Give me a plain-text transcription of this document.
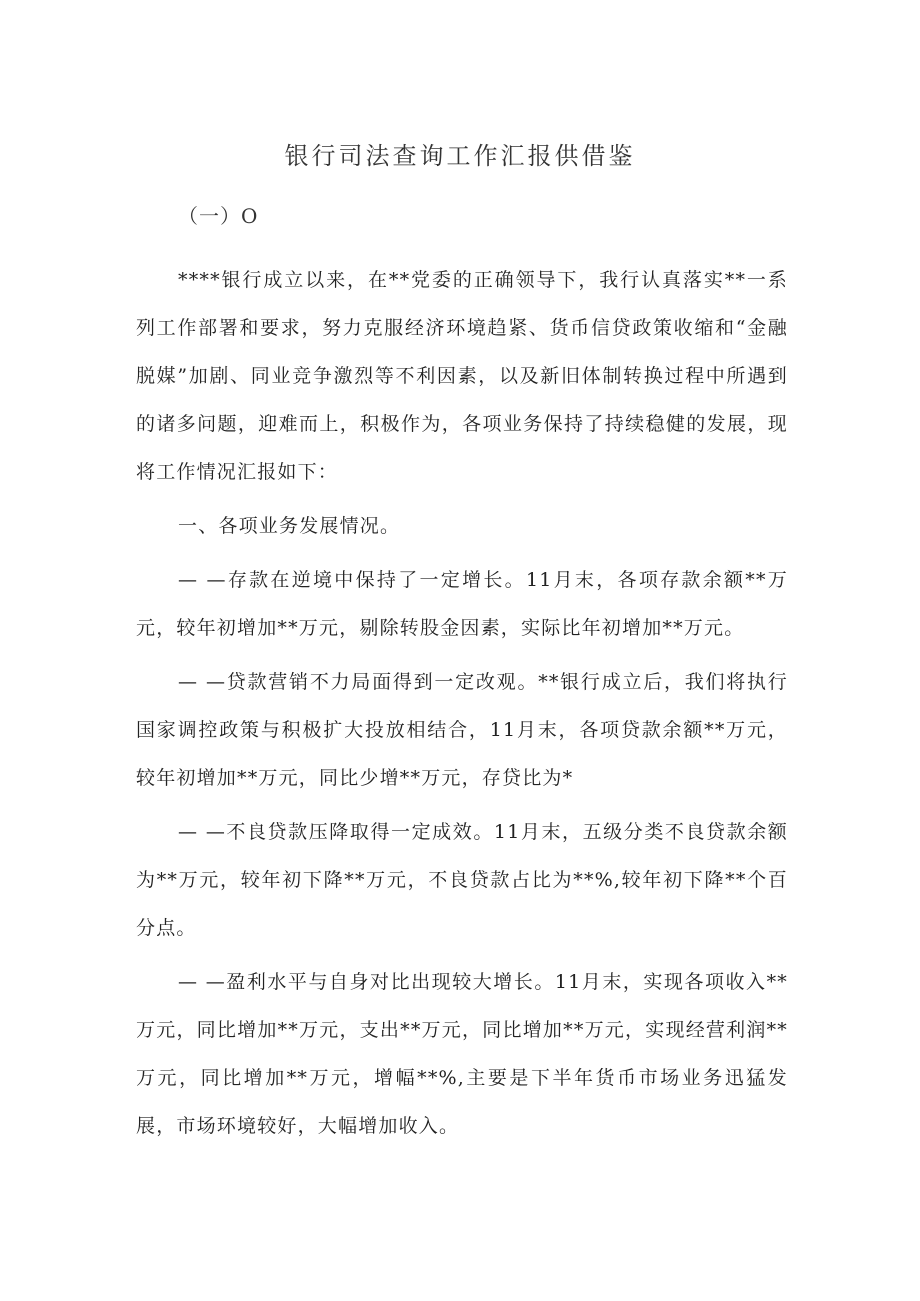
银行司法查询工作汇报供借鉴
（一）O

****银行成立以来，在**党委的正确领导下，我行认真落实**一系列工作部署和要求，努力克服经济环境趋紧、货币信贷政策收缩和“金融脱媒”加剧、同业竞争激烈等不利因素，以及新旧体制转换过程中所遇到的诸多问题，迎难而上，积极作为，各项业务保持了持续稳健的发展，现将工作情况汇报如下：

一、各项业务发展情况。

— —存款在逆境中保持了一定增长。11月末，各项存款余额**万元，较年初增加**万元，剔除转股金因素，实际比年初增加**万元。

— —贷款营销不力局面得到一定改观。**银行成立后，我们将执行国家调控政策与积极扩大投放相结合，11月末，各项贷款余额**万元，较年初增加**万元，同比少增**万元，存贷比为*

— —不良贷款压降取得一定成效。11月末，五级分类不良贷款余额为**万元，较年初下降**万元，不良贷款占比为**%,较年初下降**个百分点。

— —盈利水平与自身对比出现较大增长。11月末，实现各项收入**万元，同比增加**万元，支出**万元，同比增加**万元，实现经营利润**万元，同比增加**万元，增幅**%,主要是下半年货币市场业务迅猛发展，市场环境较好，大幅增加收入。
